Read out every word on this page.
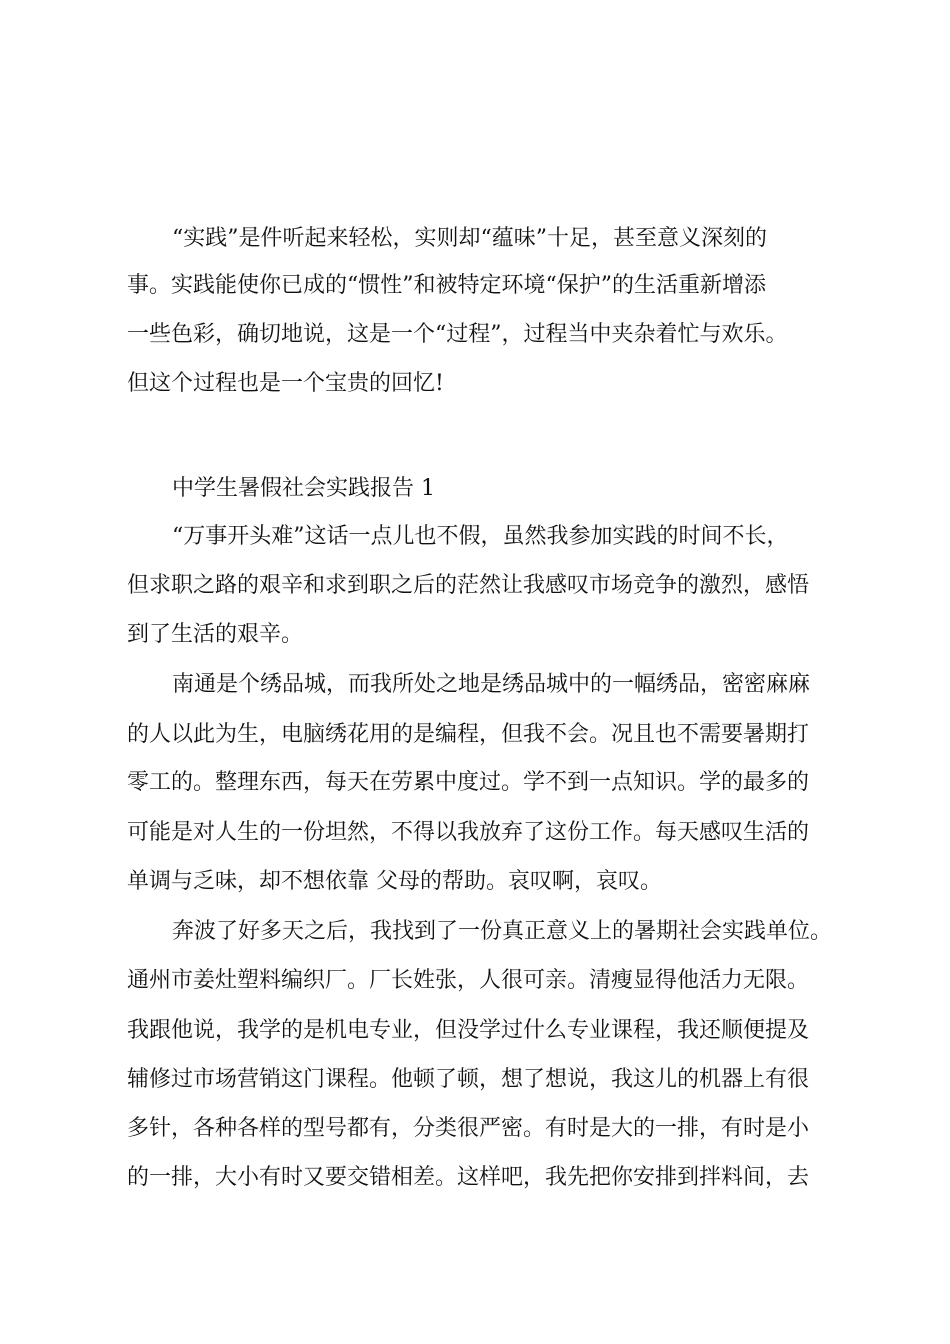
“实践”是件听起来轻松，实则却“蕴味”十足，甚至意义深刻的
事。实践能使你已成的“惯性”和被特定环境“保护”的生活重新增添
一些色彩，确切地说，这是一个“过程”，过程当中夹杂着忙与欢乐。
但这个过程也是一个宝贵的回忆!
中学生暑假社会实践报告 1
“万事开头难”这话一点儿也不假，虽然我参加实践的时间不长，
但求职之路的艰辛和求到职之后的茫然让我感叹市场竞争的激烈，感悟
到了生活的艰辛。
南通是个绣品城，而我所处之地是绣品城中的一幅绣品，密密麻麻
的人以此为生，电脑绣花用的是编程，但我不会。况且也不需要暑期打
零工的。整理东西，每天在劳累中度过。学不到一点知识。学的最多的
可能是对人生的一份坦然，不得以我放弃了这份工作。每天感叹生活的
单调与乏味，却不想依靠 父母的帮助。哀叹啊，哀叹。
奔波了好多天之后，我找到了一份真正意义上的暑期社会实践单位。
通州市姜灶塑料编织厂。厂长姓张，人很可亲。清瘦显得他活力无限。
我跟他说，我学的是机电专业，但没学过什么专业课程，我还顺便提及
辅修过市场营销这门课程。他顿了顿，想了想说，我这儿的机器上有很
多针，各种各样的型号都有，分类很严密。有时是大的一排，有时是小
的一排，大小有时又要交错相差。这样吧，我先把你安排到拌料间，去
